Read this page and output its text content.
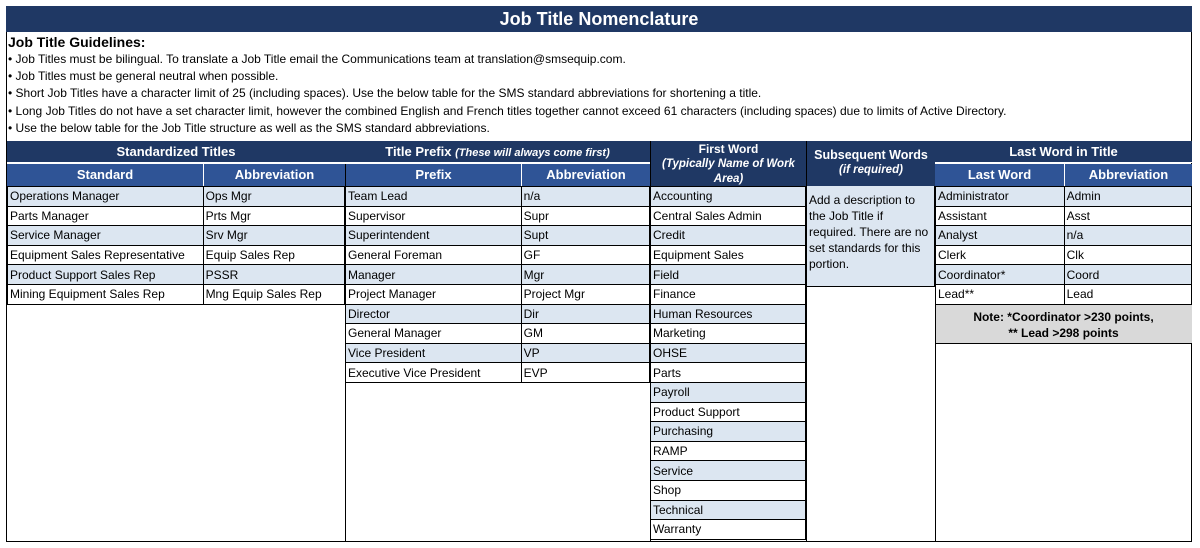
Job Title Nomenclature
Job Title Guidelines:
• Job Titles must be bilingual. To translate a Job Title email the Communications team at translation@smsequip.com.
• Job Titles must be general neutral when possible.
• Short Job Titles have a character limit of 25 (including spaces). Use the below table for the SMS standard abbreviations for shortening a title.
• Long Job Titles do not have a set character limit, however the combined English and French titles together cannot exceed 61 characters (including spaces) due to limits of Active Directory.
• Use the below table for the Job Title structure as well as the SMS standard abbreviations.
Standardized Titles
Standard	Abbreviation
Operations Manager	Ops Mgr
Parts Manager	Prts Mgr
Service Manager	Srv Mgr
Equipment Sales Representative	Equip Sales Rep
Product Support Sales Rep	PSSR
Mining Equipment Sales Rep	Mng Equip Sales Rep
Title Prefix (These will always come first)
Prefix	Abbreviation
Team Lead	n/a
Supervisor	Supr
Superintendent	Supt
General Foreman	GF
Manager	Mgr
Project Manager	Project Mgr
Director	Dir
General Manager	GM
Vice President	VP
Executive Vice President	EVP
First Word
(Typically Name of Work Area)
Accounting
Central Sales Admin
Credit
Equipment Sales
Field
Finance
Human Resources
Marketing
OHSE
Parts
Payroll
Product Support
Purchasing
RAMP
Service
Shop
Technical
Warranty
Subsequent Words
(if required)
Add a description to
the Job Title if
required. There are no
set standards for this
portion.
Last Word in Title
Last Word	Abbreviation
Administrator	Admin
Assistant	Asst
Analyst	n/a
Clerk	Clk
Coordinator*	Coord
Lead**	Lead
Note: *Coordinator >230 points,
** Lead >298 points
